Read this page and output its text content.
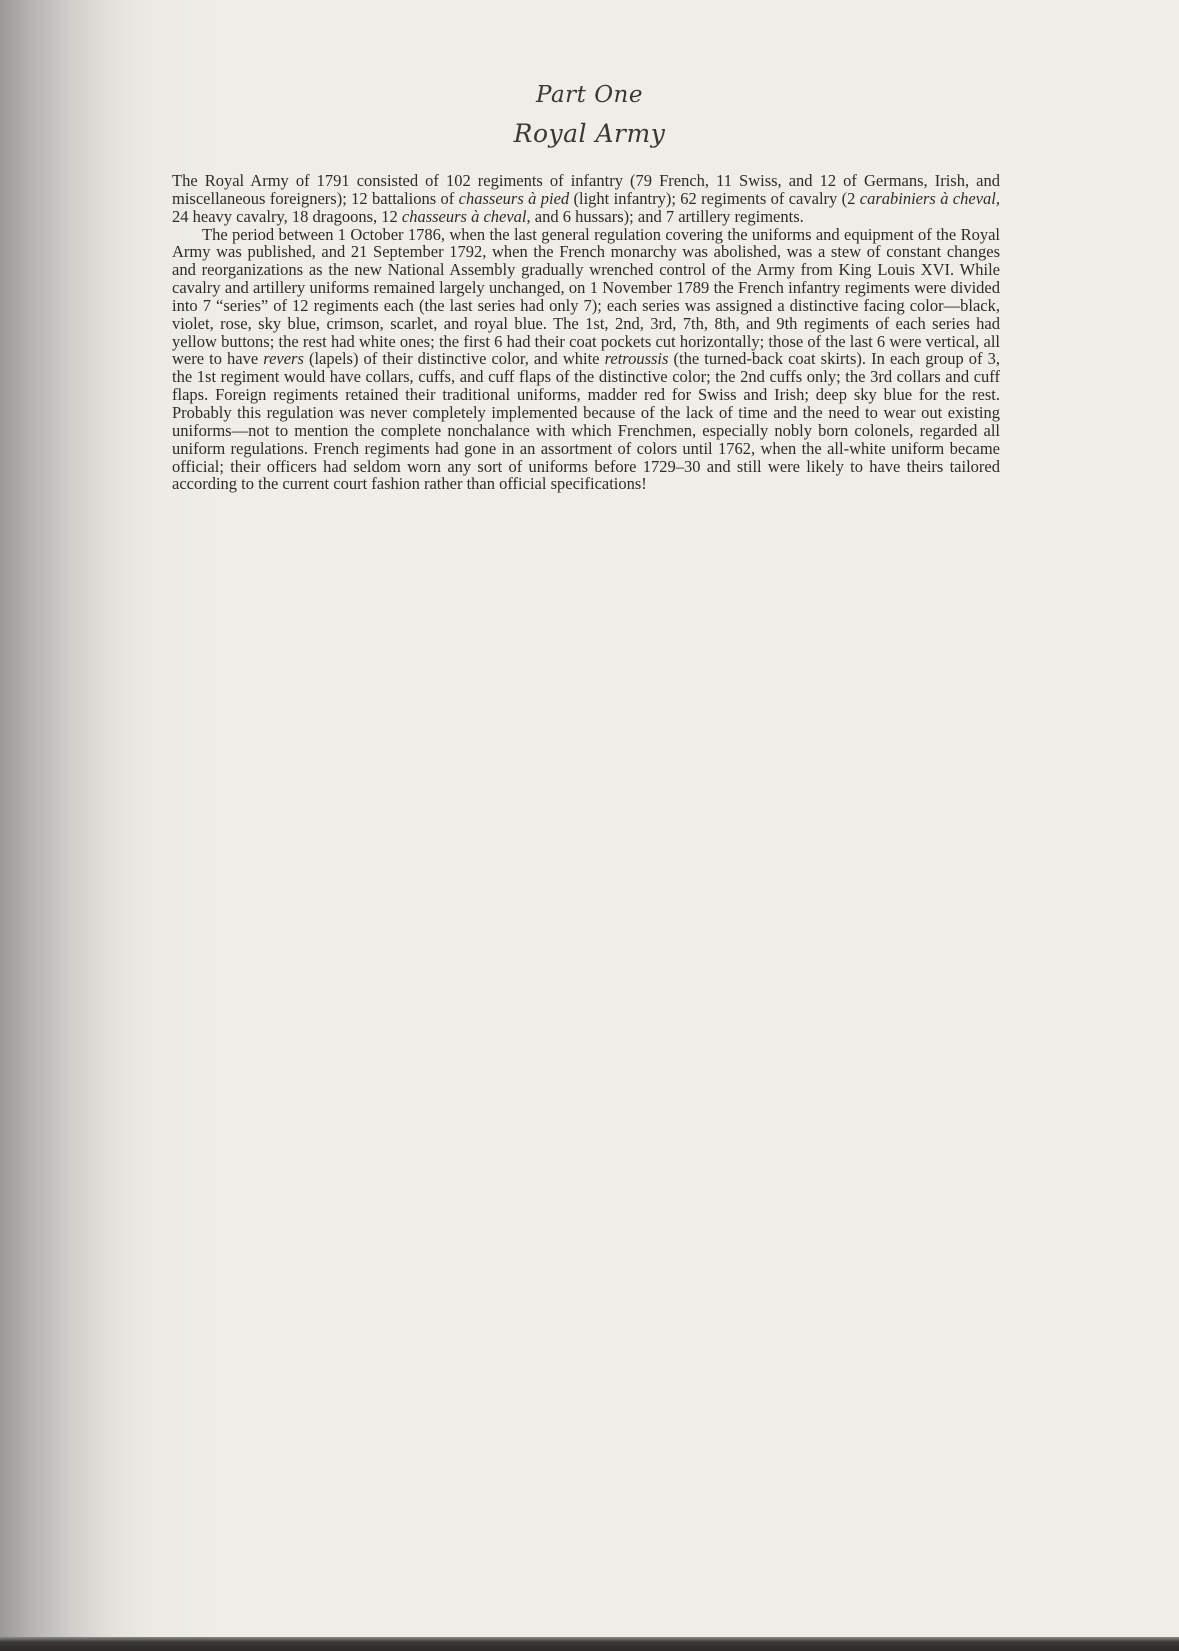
Part One
Royal Army

The Royal Army of 1791 consisted of 102 regiments of infantry (79 French, 11 Swiss, and 12 of Germans, Irish, and miscellaneous foreigners); 12 battalions of chasseurs à pied (light infantry); 62 regiments of cavalry (2 carabiniers à cheval, 24 heavy cavalry, 18 dragoons, 12 chasseurs à cheval, and 6 hussars); and 7 artillery regiments.

The period between 1 October 1786, when the last general regulation covering the uniforms and equipment of the Royal Army was published, and 21 September 1792, when the French monarchy was abolished, was a stew of constant changes and reorganizations as the new National Assembly gradually wrenched control of the Army from King Louis XVI. While cavalry and artillery uniforms remained largely unchanged, on 1 November 1789 the French infantry regiments were divided into 7 “series” of 12 regiments each (the last series had only 7); each series was assigned a distinctive facing color—black, violet, rose, sky blue, crimson, scarlet, and royal blue. The 1st, 2nd, 3rd, 7th, 8th, and 9th regiments of each series had yellow buttons; the rest had white ones; the first 6 had their coat pockets cut horizontally; those of the last 6 were vertical, all were to have revers (lapels) of their distinctive color, and white retroussis (the turned-back coat skirts). In each group of 3, the 1st regiment would have collars, cuffs, and cuff flaps of the distinctive color; the 2nd cuffs only; the 3rd collars and cuff flaps. Foreign regiments retained their traditional uniforms, madder red for Swiss and Irish; deep sky blue for the rest. Probably this regulation was never completely implemented because of the lack of time and the need to wear out existing uniforms—not to mention the complete nonchalance with which Frenchmen, especially nobly born colonels, regarded all uniform regulations. French regiments had gone in an assortment of colors until 1762, when the all-white uniform became official; their officers had seldom worn any sort of uniforms before 1729–30 and still were likely to have theirs tailored according to the current court fashion rather than official specifications!
